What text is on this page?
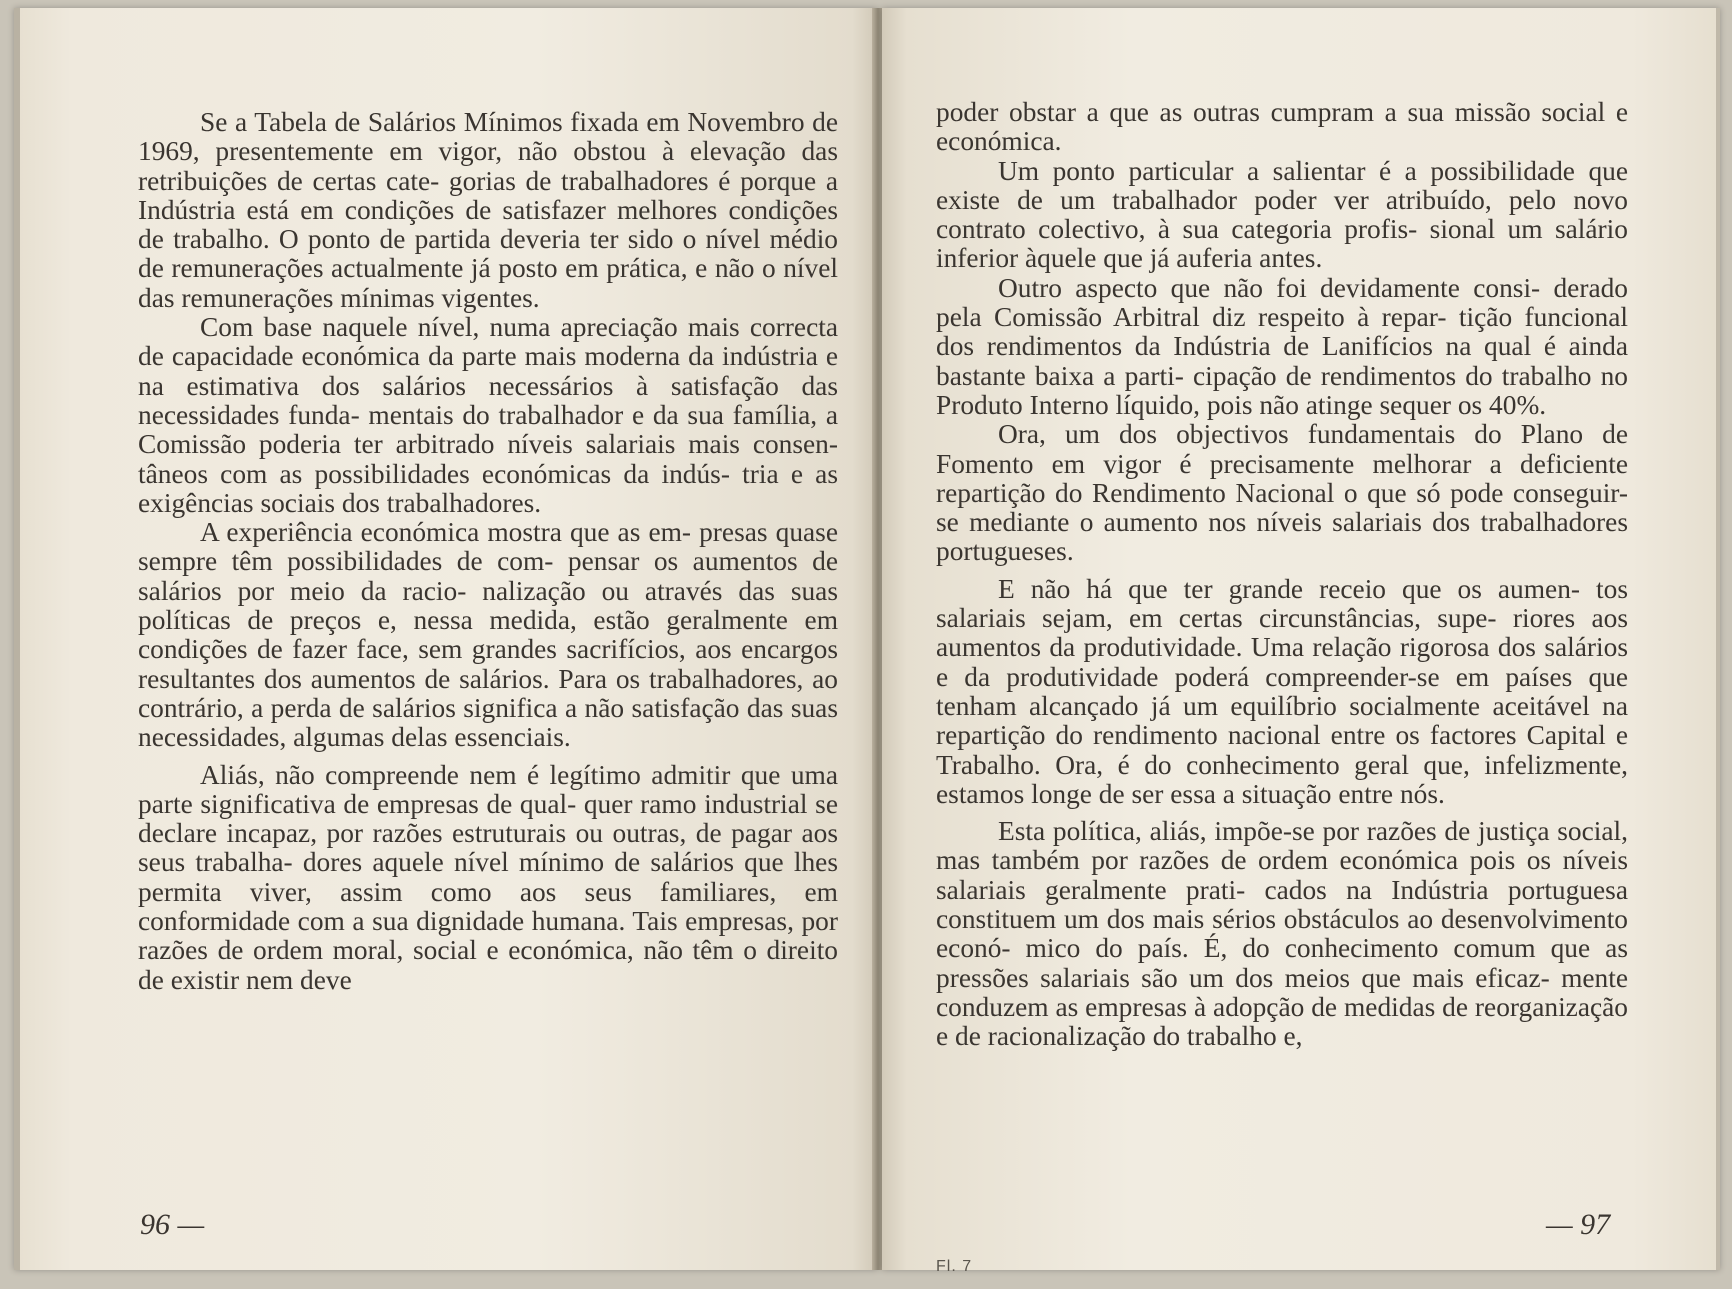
Se a Tabela de Salários Mínimos fixada em Novembro de 1969, presentemente em vigor, não obstou à elevação das retribuições de certas cate- gorias de trabalhadores é porque a Indústria está em condições de satisfazer melhores condições de trabalho. O ponto de partida deveria ter sido o nível médio de remunerações actualmente já posto em prática, e não o nível das remunerações mínimas vigentes.

Com base naquele nível, numa apreciação mais correcta de capacidade económica da parte mais moderna da indústria e na estimativa dos salários necessários à satisfação das necessidades funda- mentais do trabalhador e da sua família, a Comissão poderia ter arbitrado níveis salariais mais consen- tâneos com as possibilidades económicas da indús- tria e as exigências sociais dos trabalhadores.

A experiência económica mostra que as em- presas quase sempre têm possibilidades de com- pensar os aumentos de salários por meio da racio- nalização ou através das suas políticas de preços e, nessa medida, estão geralmente em condições de fazer face, sem grandes sacrifícios, aos encargos resultantes dos aumentos de salários. Para os trabalhadores, ao contrário, a perda de salários significa a não satisfação das suas necessidades, algumas delas essenciais.

Aliás, não compreende nem é legítimo admitir que uma parte significativa de empresas de qual- quer ramo industrial se declare incapaz, por razões estruturais ou outras, de pagar aos seus trabalha- dores aquele nível mínimo de salários que lhes permita viver, assim como aos seus familiares, em conformidade com a sua dignidade humana. Tais empresas, por razões de ordem moral, social e económica, não têm o direito de existir nem deve

96 —

poder obstar a que as outras cumpram a sua missão social e económica.

Um ponto particular a salientar é a possibilidade que existe de um trabalhador poder ver atribuído, pelo novo contrato colectivo, à sua categoria profis- sional um salário inferior àquele que já auferia antes.

Outro aspecto que não foi devidamente consi- derado pela Comissão Arbitral diz respeito à repar- tição funcional dos rendimentos da Indústria de Lanifícios na qual é ainda bastante baixa a parti- cipação de rendimentos do trabalho no Produto Interno líquido, pois não atinge sequer os 40%.

Ora, um dos objectivos fundamentais do Plano de Fomento em vigor é precisamente melhorar a deficiente repartição do Rendimento Nacional o que só pode conseguir-se mediante o aumento nos níveis salariais dos trabalhadores portugueses.

E não há que ter grande receio que os aumen- tos salariais sejam, em certas circunstâncias, supe- riores aos aumentos da produtividade. Uma relação rigorosa dos salários e da produtividade poderá compreender-se em países que tenham alcançado já um equilíbrio socialmente aceitável na repartição do rendimento nacional entre os factores Capital e Trabalho. Ora, é do conhecimento geral que, infelizmente, estamos longe de ser essa a situação entre nós.

Esta política, aliás, impõe-se por razões de justiça social, mas também por razões de ordem económica pois os níveis salariais geralmente prati- cados na Indústria portuguesa constituem um dos mais sérios obstáculos ao desenvolvimento econó- mico do país. É, do conhecimento comum que as pressões salariais são um dos meios que mais eficaz- mente conduzem as empresas à adopção de medidas de reorganização e de racionalização do trabalho e,

— 97
Fl. 7
